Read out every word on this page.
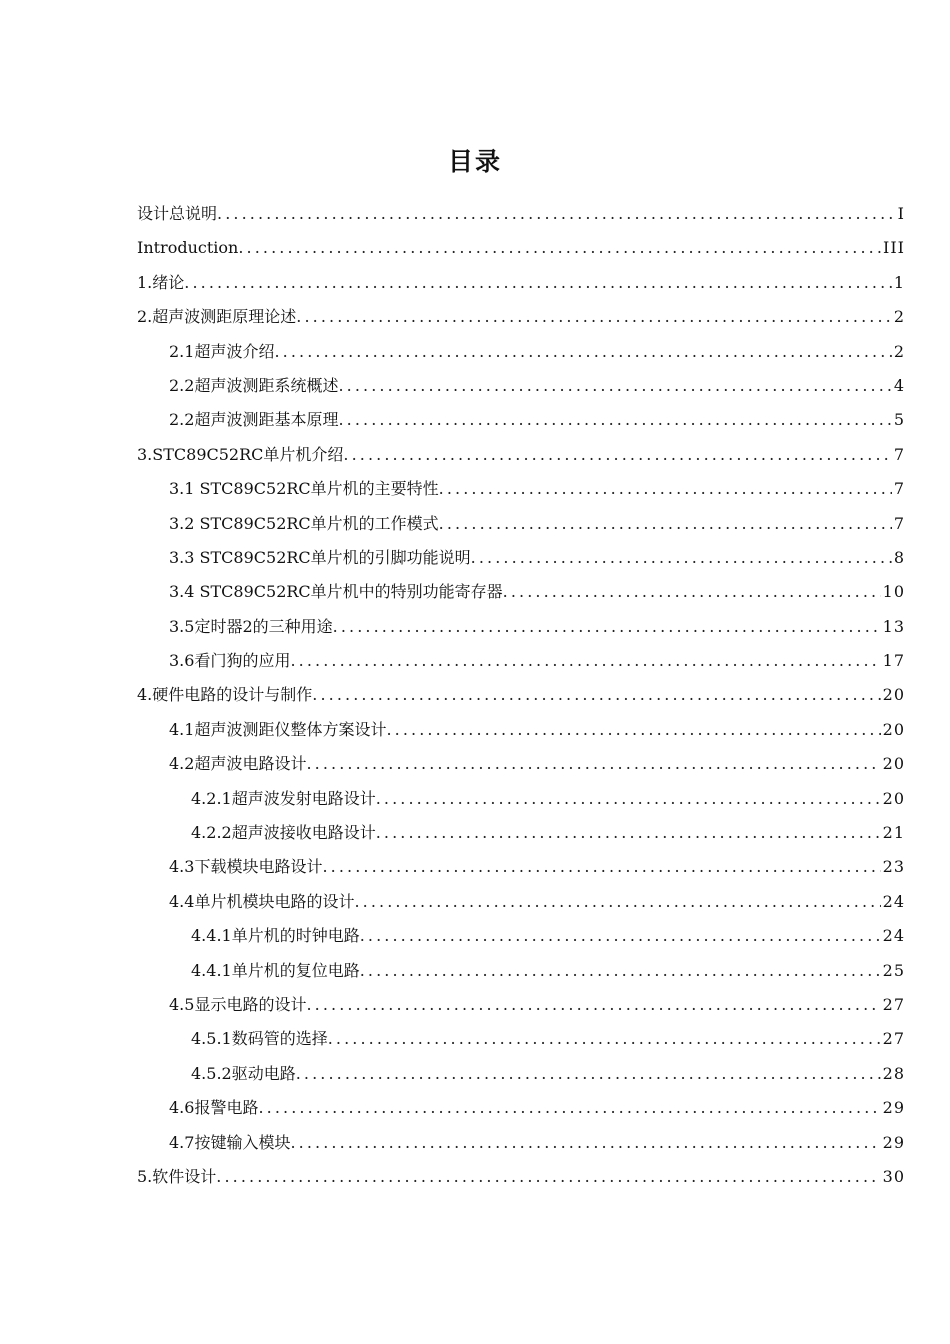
目录
设计总说明 .....	I
Introduction .....	III
1.绪论 .....	1
2.超声波测距原理论述 .....	2
2.1超声波介绍 .....	2
2.2超声波测距系统概述 .....	4
2.2超声波测距基本原理 .....	5
3.STC89C52RC单片机介绍 .....	7
3.1 STC89C52RC单片机的主要特性 .....	7
3.2 STC89C52RC单片机的工作模式 .....	7
3.3 STC89C52RC单片机的引脚功能说明 .....	8
3.4 STC89C52RC单片机中的特别功能寄存器 .....	10
3.5定时器2的三种用途 .....	13
3.6看门狗的应用 .....	17
4.硬件电路的设计与制作 .....	20
4.1超声波测距仪整体方案设计 .....	20
4.2超声波电路设计 .....	20
4.2.1超声波发射电路设计 .....	20
4.2.2超声波接收电路设计 .....	21
4.3下载模块电路设计 .....	23
4.4单片机模块电路的设计 .....	24
4.4.1单片机的时钟电路 .....	24
4.4.1单片机的复位电路 .....	25
4.5显示电路的设计 .....	27
4.5.1数码管的选择 .....	27
4.5.2驱动电路 .....	28
4.6报警电路 .....	29
4.7按键输入模块 .....	29
5.软件设计 .....	30
